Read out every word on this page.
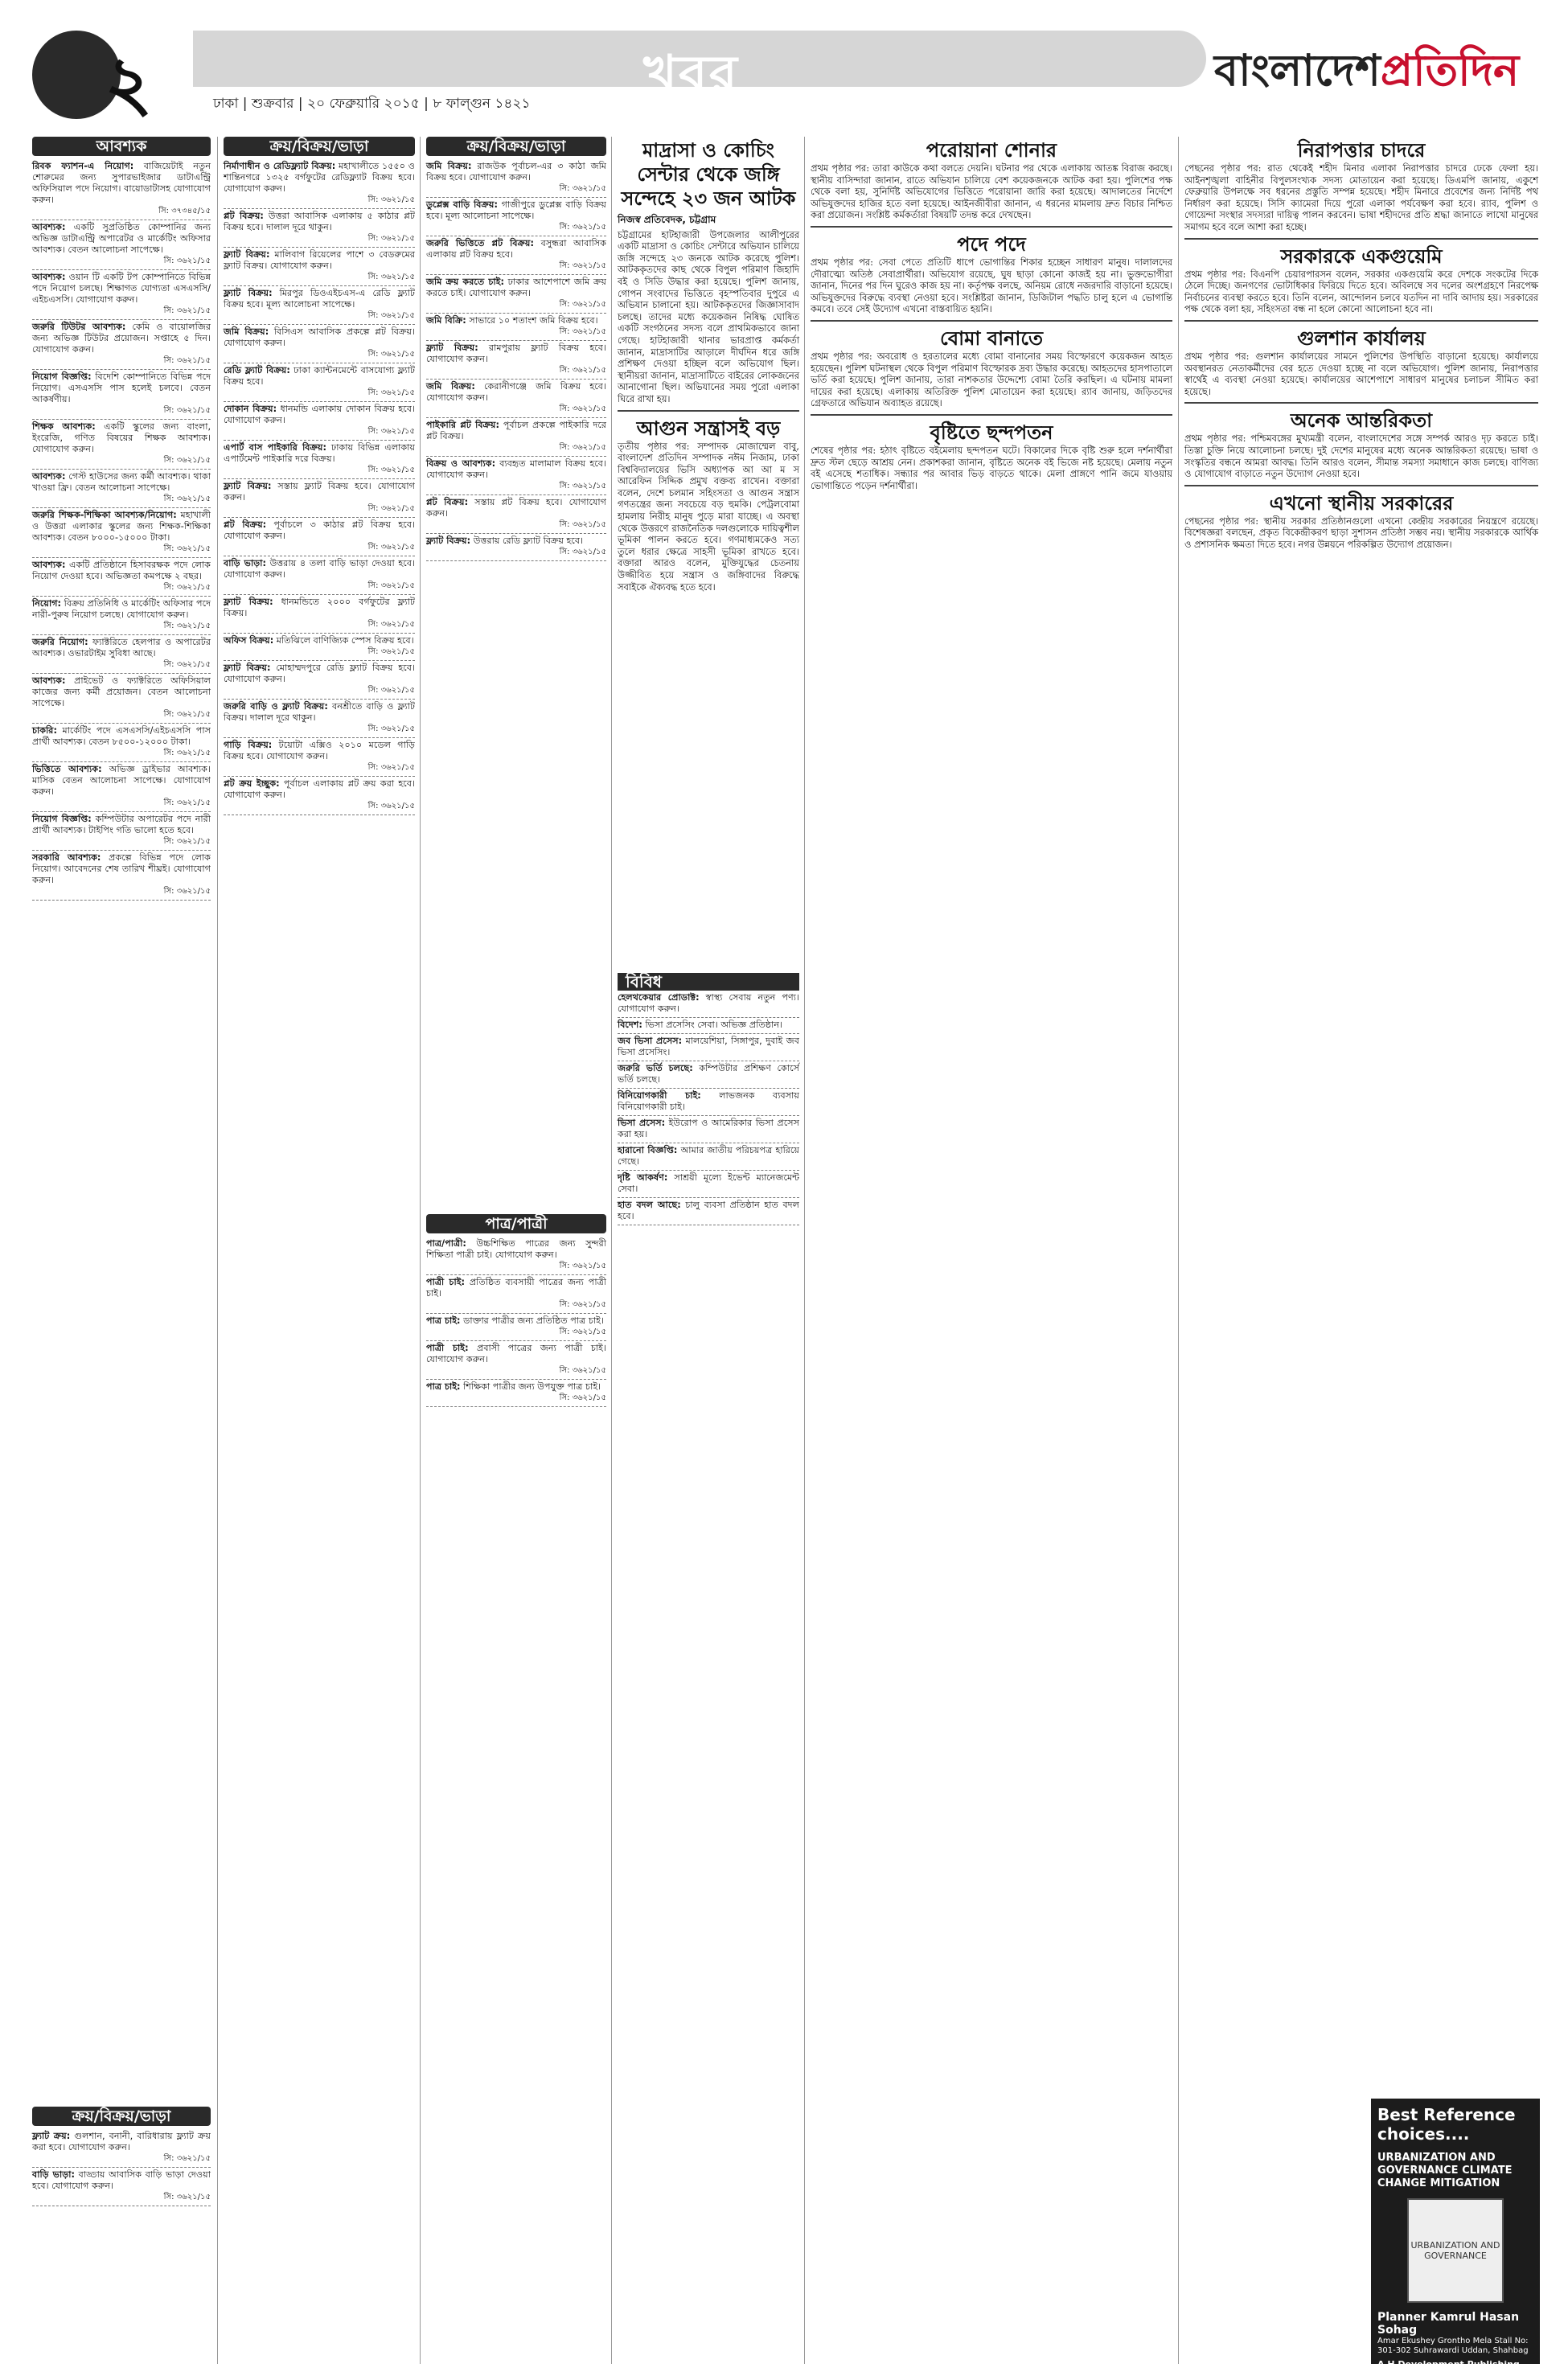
২	খবর
ঢাকা | শুক্রবার | ২০ ফেব্রুয়ারি ২০১৫ | ৮ ফাল্গুন ১৪২১
বাংলাদেশপ্রতিদিন
আবশ্যক
রিবক ফ্যাশন-এ নিয়োগ: বাজিয়েটাই নতুন শোরুমের জন্য সুপারভাইজার ডাটাএন্ট্রি অফিসিয়াল পদে নিয়োগ। বায়োডাটাসহ যোগাযোগ করুন।
সি: ৩৭৩৪৫/১৫
আবশ্যক: একটি সুপ্রতিষ্ঠিত কোম্পানির জন্য অভিজ্ঞ ডাটাএন্ট্রি অপারেটর ও মার্কেটিং অফিসার আবশ্যক। বেতন আলোচনা সাপেক্ষে।
সি: ৩৬২১/১৫
আবশ্যক: ওয়ান টি একটি টপ কোম্পানিতে বিভিন্ন পদে নিয়োগ চলছে। শিক্ষাগত যোগ্যতা এসএসসি/এইচএসসি। যোগাযোগ করুন।
সি: ৩৬২১/১৫
জরুরি টিউটর আবশ্যক: কেমি ও বায়োলজির জন্য অভিজ্ঞ টিউটর প্রয়োজন। সপ্তাহে ৫ দিন। যোগাযোগ করুন।
সি: ৩৬২১/১৫
নিয়োগ বিজ্ঞপ্তি: বিদেশি কোম্পানিতে বিভিন্ন পদে নিয়োগ। এসএসসি পাস হলেই চলবে। বেতন আকর্ষণীয়।
সি: ৩৬২১/১৫
শিক্ষক আবশ্যক: একটি স্কুলের জন্য বাংলা, ইংরেজি, গণিত বিষয়ের শিক্ষক আবশ্যক। যোগাযোগ করুন।
সি: ৩৬২১/১৫
আবশ্যক: গেস্ট হাউসের জন্য কর্মী আবশ্যক। থাকা খাওয়া ফ্রি। বেতন আলোচনা সাপেক্ষে।
সি: ৩৬২১/১৫
জরুরি শিক্ষক-শিক্ষিকা আবশ্যক/নিয়োগ: মহাখালী ও উত্তরা এলাকার স্কুলের জন্য শিক্ষক-শিক্ষিকা আবশ্যক। বেতন ৮০০০-১৫০০০ টাকা।
সি: ৩৬২১/১৫
আবশ্যক: একটি প্রতিষ্ঠানে হিসাবরক্ষক পদে লোক নিয়োগ দেওয়া হবে। অভিজ্ঞতা কমপক্ষে ২ বছর।
সি: ৩৬২১/১৫
নিয়োগ: বিক্রয় প্রতিনিধি ও মার্কেটিং অফিসার পদে নারী-পুরুষ নিয়োগ চলছে। যোগাযোগ করুন।
সি: ৩৬২১/১৫
জরুরি নিয়োগ: ফ্যাক্টরিতে হেলপার ও অপারেটর আবশ্যক। ওভারটাইম সুবিধা আছে।
সি: ৩৬২১/১৫
আবশ্যক: প্রাইভেট ও ফ্যাক্টরিতে অফিসিয়াল কাজের জন্য কর্মী প্রয়োজন। বেতন আলোচনা সাপেক্ষে।
সি: ৩৬২১/১৫
চাকরি: মার্কেটিং পদে এসএসসি/এইচএসসি পাস প্রার্থী আবশ্যক। বেতন ৮৫০০-১২০০০ টাকা।
সি: ৩৬২১/১৫
ভিত্তিতে আবশ্যক: অভিজ্ঞ ড্রাইভার আবশ্যক। মাসিক বেতন আলোচনা সাপেক্ষে। যোগাযোগ করুন।
সি: ৩৬২১/১৫
নিয়োগ বিজ্ঞপ্তি: কম্পিউটার অপারেটর পদে নারী প্রার্থী আবশ্যক। টাইপিং গতি ভালো হতে হবে।
সি: ৩৬২১/১৫
সরকারি আবশ্যক: প্রকল্পে বিভিন্ন পদে লোক নিয়োগ। আবেদনের শেষ তারিখ শীঘ্রই। যোগাযোগ করুন।
সি: ৩৬২১/১৫
ক্রয়/বিক্রয়/ভাড়া
ফ্ল্যাট ক্রয়: গুলশান, বনানী, বারিধারায় ফ্ল্যাট ক্রয় করা হবে। যোগাযোগ করুন।
সি: ৩৬২১/১৫
বাড়ি ভাড়া: বাড্ডায় আবাসিক বাড়ি ভাড়া দেওয়া হবে। যোগাযোগ করুন।
সি: ৩৬২১/১৫
ক্রয়/বিক্রয়/ভাড়া
নির্মাণাধীন ও রেডিফ্ল্যাট বিক্রয়: মহাখালীতে ১৫৫০ ও শান্তিনগরে ১৩২৫ বর্গফুটের রেডিফ্ল্যাট বিক্রয় হবে। যোগাযোগ করুন।
সি: ৩৬২১/১৫
প্লট বিক্রয়: উত্তরা আবাসিক এলাকায় ৫ কাঠার প্লট বিক্রয় হবে। দালাল দূরে থাকুন।
সি: ৩৬২১/১৫
ফ্ল্যাট বিক্রয়: মালিবাগ রিয়েলের পাশে ৩ বেডরুমের ফ্ল্যাট বিক্রয়। যোগাযোগ করুন।
সি: ৩৬২১/১৫
ফ্ল্যাট বিক্রয়: মিরপুর ডিওএইচএস-এ রেডি ফ্ল্যাট বিক্রয় হবে। মূল্য আলোচনা সাপেক্ষে।
সি: ৩৬২১/১৫
জমি বিক্রয়: বিসিএস আবাসিক প্রকল্পে প্লট বিক্রয়। যোগাযোগ করুন।
সি: ৩৬২১/১৫
রেডি ফ্ল্যাট বিক্রয়: ঢাকা ক্যান্টনমেন্টে বাসযোগ্য ফ্ল্যাট বিক্রয় হবে।
সি: ৩৬২১/১৫
দোকান বিক্রয়: ধানমন্ডি এলাকায় দোকান বিক্রয় হবে। যোগাযোগ করুন।
সি: ৩৬২১/১৫
এপার্ট বাস পাইকারি বিক্রয়: ঢাকায় বিভিন্ন এলাকায় এপার্টমেন্ট পাইকারি দরে বিক্রয়।
সি: ৩৬২১/১৫
ফ্ল্যাট বিক্রয়: সস্তায় ফ্ল্যাট বিক্রয় হবে। যোগাযোগ করুন।
সি: ৩৬২১/১৫
প্লট বিক্রয়: পূর্বাচলে ৩ কাঠার প্লট বিক্রয় হবে। যোগাযোগ করুন।
সি: ৩৬২১/১৫
বাড়ি ভাড়া: উত্তরায় ৪ তলা বাড়ি ভাড়া দেওয়া হবে। যোগাযোগ করুন।
সি: ৩৬২১/১৫
ফ্ল্যাট বিক্রয়: ধানমন্ডিতে ২০০০ বর্গফুটের ফ্ল্যাট বিক্রয়।
সি: ৩৬২১/১৫
অফিস বিক্রয়: মতিঝিলে বাণিজ্যিক স্পেস বিক্রয় হবে।
সি: ৩৬২১/১৫
ফ্ল্যাট বিক্রয়: মোহাম্মদপুরে রেডি ফ্ল্যাট বিক্রয় হবে। যোগাযোগ করুন।
সি: ৩৬২১/১৫
জরুরি বাড়ি ও ফ্ল্যাট বিক্রয়: বনশ্রীতে বাড়ি ও ফ্ল্যাট বিক্রয়। দালাল দূরে থাকুন।
সি: ৩৬২১/১৫
গাড়ি বিক্রয়: টয়োটা এক্সিও ২০১০ মডেল গাড়ি বিক্রয় হবে। যোগাযোগ করুন।
সি: ৩৬২১/১৫
প্লট ক্রয় ইচ্ছুক: পূর্বাচল এলাকায় প্লট ক্রয় করা হবে। যোগাযোগ করুন।
সি: ৩৬২১/১৫
ক্রয়/বিক্রয়/ভাড়া
জমি বিক্রয়: রাজউক পূর্বাচল-এর ৩ কাঠা জমি বিক্রয় হবে। যোগাযোগ করুন।
সি: ৩৬২১/১৫
ডুপ্লেক্স বাড়ি বিক্রয়: গাজীপুরে ডুপ্লেক্স বাড়ি বিক্রয় হবে। মূল্য আলোচনা সাপেক্ষে।
সি: ৩৬২১/১৫
জরুরি ভিত্তিতে প্লট বিক্রয়: বসুন্ধরা আবাসিক এলাকায় প্লট বিক্রয় হবে।
সি: ৩৬২১/১৫
জমি ক্রয় করতে চাই: ঢাকার আশেপাশে জমি ক্রয় করতে চাই। যোগাযোগ করুন।
সি: ৩৬২১/১৫
জমি বিক্রি: সাভারে ১০ শতাংশ জমি বিক্রয় হবে।
সি: ৩৬২১/১৫
ফ্ল্যাট বিক্রয়: রামপুরায় ফ্ল্যাট বিক্রয় হবে। যোগাযোগ করুন।
সি: ৩৬২১/১৫
জমি বিক্রয়: কেরানীগঞ্জে জমি বিক্রয় হবে। যোগাযোগ করুন।
সি: ৩৬২১/১৫
পাইকারি প্লট বিক্রয়: পূর্বাচল প্রকল্পে পাইকারি দরে প্লট বিক্রয়।
সি: ৩৬২১/১৫
বিক্রয় ও আবশ্যক: ব্যবহৃত মালামাল বিক্রয় হবে। যোগাযোগ করুন।
সি: ৩৬২১/১৫
প্লট বিক্রয়: সস্তায় প্লট বিক্রয় হবে। যোগাযোগ করুন।
সি: ৩৬২১/১৫
ফ্ল্যাট বিক্রয়: উত্তরায় রেডি ফ্ল্যাট বিক্রয় হবে।
সি: ৩৬২১/১৫
পাত্র/পাত্রী
পাত্র/পাত্রী: উচ্চশিক্ষিত পাত্রের জন্য সুন্দরী শিক্ষিতা পাত্রী চাই। যোগাযোগ করুন।
সি: ৩৬২১/১৫
পাত্রী চাই: প্রতিষ্ঠিত ব্যবসায়ী পাত্রের জন্য পাত্রী চাই।
সি: ৩৬২১/১৫
পাত্র চাই: ডাক্তার পাত্রীর জন্য প্রতিষ্ঠিত পাত্র চাই।
সি: ৩৬২১/১৫
পাত্রী চাই: প্রবাসী পাত্রের জন্য পাত্রী চাই। যোগাযোগ করুন।
সি: ৩৬২১/১৫
পাত্র চাই: শিক্ষিকা পাত্রীর জন্য উপযুক্ত পাত্র চাই।
সি: ৩৬২১/১৫
মাদ্রাসা ও কোচিং সেন্টার থেকে জঙ্গি সন্দেহে ২৩ জন আটক
নিজস্ব প্রতিবেদক, চট্টগ্রাম
চট্টগ্রামের হাটহাজারী উপজেলার আলীপুরের একটি মাদ্রাসা ও কোচিং সেন্টারে অভিযান চালিয়ে জঙ্গি সন্দেহে ২৩ জনকে আটক করেছে পুলিশ। আটককৃতদের কাছ থেকে বিপুল পরিমাণ জিহাদি বই ও সিডি উদ্ধার করা হয়েছে। পুলিশ জানায়, গোপন সংবাদের ভিত্তিতে বৃহস্পতিবার দুপুরে এ অভিযান চালানো হয়। আটককৃতদের জিজ্ঞাসাবাদ চলছে। তাদের মধ্যে কয়েকজন নিষিদ্ধ ঘোষিত একটি সংগঠনের সদস্য বলে প্রাথমিকভাবে জানা গেছে। হাটহাজারী থানার ভারপ্রাপ্ত কর্মকর্তা জানান, মাদ্রাসাটির আড়ালে দীর্ঘদিন ধরে জঙ্গি প্রশিক্ষণ দেওয়া হচ্ছিল বলে অভিযোগ ছিল। স্থানীয়রা জানান, মাদ্রাসাটিতে বাইরের লোকজনের আনাগোনা ছিল। অভিযানের সময় পুরো এলাকা ঘিরে রাখা হয়।
আগুন সন্ত্রাসই বড়
তৃতীয় পৃষ্ঠার পর: সম্পাদক মোজাম্মেল বাবু, বাংলাদেশ প্রতিদিন সম্পাদক নঈম নিজাম, ঢাকা বিশ্ববিদ্যালয়ের ভিসি অধ্যাপক আ আ ম স আরেফিন সিদ্দিক প্রমুখ বক্তব্য রাখেন। বক্তারা বলেন, দেশে চলমান সহিংসতা ও আগুন সন্ত্রাস গণতন্ত্রের জন্য সবচেয়ে বড় হুমকি। পেট্রলবোমা হামলায় নিরীহ মানুষ পুড়ে মারা যাচ্ছে। এ অবস্থা থেকে উত্তরণে রাজনৈতিক দলগুলোকে দায়িত্বশীল ভূমিকা পালন করতে হবে। গণমাধ্যমকেও সত্য তুলে ধরার ক্ষেত্রে সাহসী ভূমিকা রাখতে হবে। বক্তারা আরও বলেন, মুক্তিযুদ্ধের চেতনায় উজ্জীবিত হয়ে সন্ত্রাস ও জঙ্গিবাদের বিরুদ্ধে সবাইকে ঐক্যবদ্ধ হতে হবে।
বিবিধ
হেলথকেয়ার প্রোডাক্ট: স্বাস্থ্য সেবায় নতুন পণ্য। যোগাযোগ করুন।
বিদেশ: ভিসা প্রসেসিং সেবা। অভিজ্ঞ প্রতিষ্ঠান।
জব ভিসা প্রসেস: মালয়েশিয়া, সিঙ্গাপুর, দুবাই জব ভিসা প্রসেসিং।
জরুরি ভর্তি চলছে: কম্পিউটার প্রশিক্ষণ কোর্সে ভর্তি চলছে।
বিনিয়োগকারী চাই: লাভজনক ব্যবসায় বিনিয়োগকারী চাই।
ভিসা প্রসেস: ইউরোপ ও আমেরিকার ভিসা প্রসেস করা হয়।
হারানো বিজ্ঞপ্তি: আমার জাতীয় পরিচয়পত্র হারিয়ে গেছে।
দৃষ্টি আকর্ষণ: সাশ্রয়ী মূল্যে ইভেন্ট ম্যানেজমেন্ট সেবা।
হাত বদল আছে: চালু ব্যবসা প্রতিষ্ঠান হাত বদল হবে।
পরোয়ানা শোনার
প্রথম পৃষ্ঠার পর: তারা কাউকে কথা বলতে দেয়নি। ঘটনার পর থেকে এলাকায় আতঙ্ক বিরাজ করছে। স্থানীয় বাসিন্দারা জানান, রাতে অভিযান চালিয়ে বেশ কয়েকজনকে আটক করা হয়। পুলিশের পক্ষ থেকে বলা হয়, সুনির্দিষ্ট অভিযোগের ভিত্তিতে পরোয়ানা জারি করা হয়েছে। আদালতের নির্দেশে অভিযুক্তদের হাজির হতে বলা হয়েছে। আইনজীবীরা জানান, এ ধরনের মামলায় দ্রুত বিচার নিশ্চিত করা প্রয়োজন। সংশ্লিষ্ট কর্মকর্তারা বিষয়টি তদন্ত করে দেখছেন।
পদে পদে
প্রথম পৃষ্ঠার পর: সেবা পেতে প্রতিটি ধাপে ভোগান্তির শিকার হচ্ছেন সাধারণ মানুষ। দালালদের দৌরাত্ম্যে অতিষ্ঠ সেবাপ্রার্থীরা। অভিযোগ রয়েছে, ঘুষ ছাড়া কোনো কাজই হয় না। ভুক্তভোগীরা জানান, দিনের পর দিন ঘুরেও কাজ হয় না। কর্তৃপক্ষ বলছে, অনিয়ম রোধে নজরদারি বাড়ানো হয়েছে। অভিযুক্তদের বিরুদ্ধে ব্যবস্থা নেওয়া হবে। সংশ্লিষ্টরা জানান, ডিজিটাল পদ্ধতি চালু হলে এ ভোগান্তি কমবে। তবে সেই উদ্যোগ এখনো বাস্তবায়িত হয়নি।
বোমা বানাতে
প্রথম পৃষ্ঠার পর: অবরোধ ও হরতালের মধ্যে বোমা বানানোর সময় বিস্ফোরণে কয়েকজন আহত হয়েছেন। পুলিশ ঘটনাস্থল থেকে বিপুল পরিমাণ বিস্ফোরক দ্রব্য উদ্ধার করেছে। আহতদের হাসপাতালে ভর্তি করা হয়েছে। পুলিশ জানায়, তারা নাশকতার উদ্দেশ্যে বোমা তৈরি করছিল। এ ঘটনায় মামলা দায়ের করা হয়েছে। এলাকায় অতিরিক্ত পুলিশ মোতায়েন করা হয়েছে। র‍্যাব জানায়, জড়িতদের গ্রেফতারে অভিযান অব্যাহত রয়েছে।
বৃষ্টিতে ছন্দপতন
শেষের পৃষ্ঠার পর: হঠাৎ বৃষ্টিতে বইমেলায় ছন্দপতন ঘটে। বিকালের দিকে বৃষ্টি শুরু হলে দর্শনার্থীরা দ্রুত স্টল ছেড়ে আশ্রয় নেন। প্রকাশকরা জানান, বৃষ্টিতে অনেক বই ভিজে নষ্ট হয়েছে। মেলায় নতুন বই এসেছে শতাধিক। সন্ধ্যার পর আবার ভিড় বাড়তে থাকে। মেলা প্রাঙ্গণে পানি জমে যাওয়ায় ভোগান্তিতে পড়েন দর্শনার্থীরা।
নিরাপত্তার চাদরে
পেছনের পৃষ্ঠার পর: রাত থেকেই শহীদ মিনার এলাকা নিরাপত্তার চাদরে ঢেকে ফেলা হয়। আইনশৃঙ্খলা বাহিনীর বিপুলসংখ্যক সদস্য মোতায়েন করা হয়েছে। ডিএমপি জানায়, একুশে ফেব্রুয়ারি উপলক্ষে সব ধরনের প্রস্তুতি সম্পন্ন হয়েছে। শহীদ মিনারে প্রবেশের জন্য নির্দিষ্ট পথ নির্ধারণ করা হয়েছে। সিসি ক্যামেরা দিয়ে পুরো এলাকা পর্যবেক্ষণ করা হবে। র‍্যাব, পুলিশ ও গোয়েন্দা সংস্থার সদস্যরা দায়িত্ব পালন করবেন। ভাষা শহীদদের প্রতি শ্রদ্ধা জানাতে লাখো মানুষের সমাগম হবে বলে আশা করা হচ্ছে।
সরকারকে একগুয়েমি
প্রথম পৃষ্ঠার পর: বিএনপি চেয়ারপারসন বলেন, সরকার একগুয়েমি করে দেশকে সংকটের দিকে ঠেলে দিচ্ছে। জনগণের ভোটাধিকার ফিরিয়ে দিতে হবে। অবিলম্বে সব দলের অংশগ্রহণে নিরপেক্ষ নির্বাচনের ব্যবস্থা করতে হবে। তিনি বলেন, আন্দোলন চলবে যতদিন না দাবি আদায় হয়। সরকারের পক্ষ থেকে বলা হয়, সহিংসতা বন্ধ না হলে কোনো আলোচনা হবে না।
গুলশান কার্যালয়
প্রথম পৃষ্ঠার পর: গুলশান কার্যালয়ের সামনে পুলিশের উপস্থিতি বাড়ানো হয়েছে। কার্যালয়ে অবস্থানরত নেতাকর্মীদের বের হতে দেওয়া হচ্ছে না বলে অভিযোগ। পুলিশ জানায়, নিরাপত্তার স্বার্থেই এ ব্যবস্থা নেওয়া হয়েছে। কার্যালয়ের আশেপাশে সাধারণ মানুষের চলাচল সীমিত করা হয়েছে।
অনেক আন্তরিকতা
প্রথম পৃষ্ঠার পর: পশ্চিমবঙ্গের মুখ্যমন্ত্রী বলেন, বাংলাদেশের সঙ্গে সম্পর্ক আরও দৃঢ় করতে চাই। তিস্তা চুক্তি নিয়ে আলোচনা চলছে। দুই দেশের মানুষের মধ্যে অনেক আন্তরিকতা রয়েছে। ভাষা ও সংস্কৃতির বন্ধনে আমরা আবদ্ধ। তিনি আরও বলেন, সীমান্ত সমস্যা সমাধানে কাজ চলছে। বাণিজ্য ও যোগাযোগ বাড়াতে নতুন উদ্যোগ নেওয়া হবে।
এখনো স্থানীয় সরকারের
পেছনের পৃষ্ঠার পর: স্থানীয় সরকার প্রতিষ্ঠানগুলো এখনো কেন্দ্রীয় সরকারের নিয়ন্ত্রণে রয়েছে। বিশেষজ্ঞরা বলছেন, প্রকৃত বিকেন্দ্রীকরণ ছাড়া সুশাসন প্রতিষ্ঠা সম্ভব নয়। স্থানীয় সরকারকে আর্থিক ও প্রশাসনিক ক্ষমতা দিতে হবে। নগর উন্নয়নে পরিকল্পিত উদ্যোগ প্রয়োজন।
Best Reference choices....
URBANIZATION AND GOVERNANCE CLIMATE CHANGE MITIGATION
URBANIZATION AND GOVERNANCE
Planner Kamrul Hasan Sohag
Amar Ekushey Grontho Mela Stall No: 301-302 Suhrawardi Uddan, Shahbag
A H Development Publishing House
